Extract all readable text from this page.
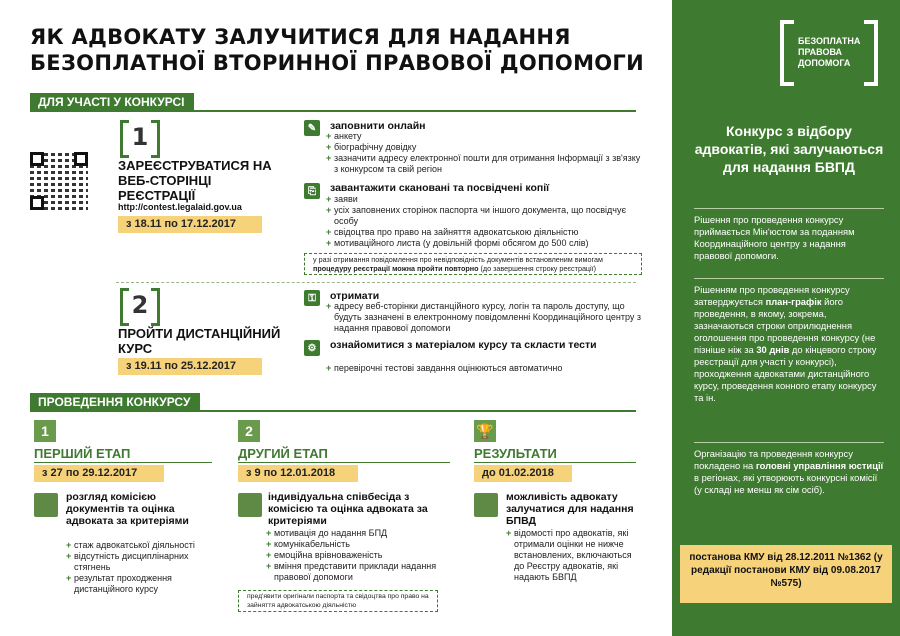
ЯК АДВОКАТУ ЗАЛУЧИТИСЯ ДЛЯ НАДАННЯ
БЕЗОПЛАТНОЇ ВТОРИННОЇ ПРАВОВОЇ ДОПОМОГИ
ДЛЯ УЧАСТІ У КОНКУРСІ
1
ЗАРЕЄСТРУВАТИСЯ НА ВЕБ-СТОРІНЦІ РЕЄСТРАЦІЇ
http://contest.legalaid.gov.ua
з 18.11 по 17.12.2017
✎	заповнити онлайн
+ анкету
+ біографічну довідку
+ зазначити адресу електронної пошти для отримання Інформації з зв'язку з конкурсом та свій регіон
⎘	завантажити скановані та посвідчені копії
+ заяви
+ усіх заповнених сторінок паспорта чи іншого документа, що посвідчує особу
+ свідоцтва про право на зайняття адвокатською діяльністю
+ мотиваційного листа (у довільній формі обсягом до 500 слів)
у разі отримання повідомлення про невідповідність документів встановленим вимогам
процедуру реєстрації можна пройти повторно (до завершення строку реєстрації)
2
ПРОЙТИ ДИСТАНЦІЙНИЙ КУРС
з 19.11 по 25.12.2017
⚿	отримати
+ адресу веб-сторінки дистанційного курсу, логін та пароль доступу, що будуть зазначені в електронному повідомленні Координаційного центру з надання правової допомоги
⚙	ознайомитися з матеріалом курсу та скласти тести
+ перевірочні тестові завдання оцінюються автоматично
ПРОВЕДЕННЯ КОНКУРСУ
1
ПЕРШИЙ ЕТАП
з 27 по 29.12.2017
розгляд комісією документів та оцінка адвоката за критеріями
+ стаж адвокатської діяльності
+ відсутність дисциплінарних стягнень
+ результат проходження дистанційного курсу
2
ДРУГИЙ ЕТАП
з 9 по 12.01.2018
індивідуальна співбесіда з комісією та оцінка адвоката за критеріями
+ мотивація до надання БПД
+ комунікабельність
+ емоційна врівноваженість
+ вміння представити приклади надання правової допомоги
пред'явити оригінали паспорта та свідоцтва про право на зайняття адвокатською діяльністю
🏆
РЕЗУЛЬТАТИ
до 01.02.2018
можливість адвокату залучатися для надання БПВД
+ відомості про адвокатів, які отримали оцінки не нижче встановлених, включаються до Реєстру адвокатів, які надають БВПД
БЕЗОПЛАТНА ПРАВОВА ДОПОМОГА
Конкурс з відбору адвокатів, які залучаються для надання БВПД
Рішення про проведення конкурсу приймається Мін'юстом за поданням Координаційного центру з надання правової допомоги.
Рішенням про проведення конкурсу затверджується план-графік його проведення, в якому, зокрема, зазначаються строки оприлюднення оголошення про проведення конкурсу (не пізніше ніж за 30 днів до кінцевого строку реєстрації для участі у конкурсі), проходження адвокатами дистанційного курсу, проведення конного етапу конкурсу та ін.
Організацію та проведення конкурсу покладено на головні управління юстиції в регіонах, які утворюють конкурсні комісії (у складі не менш як сім осіб).
постанова КМУ від 28.12.2011 №1362 (у редакції постанови КМУ від 09.08.2017 №575)
